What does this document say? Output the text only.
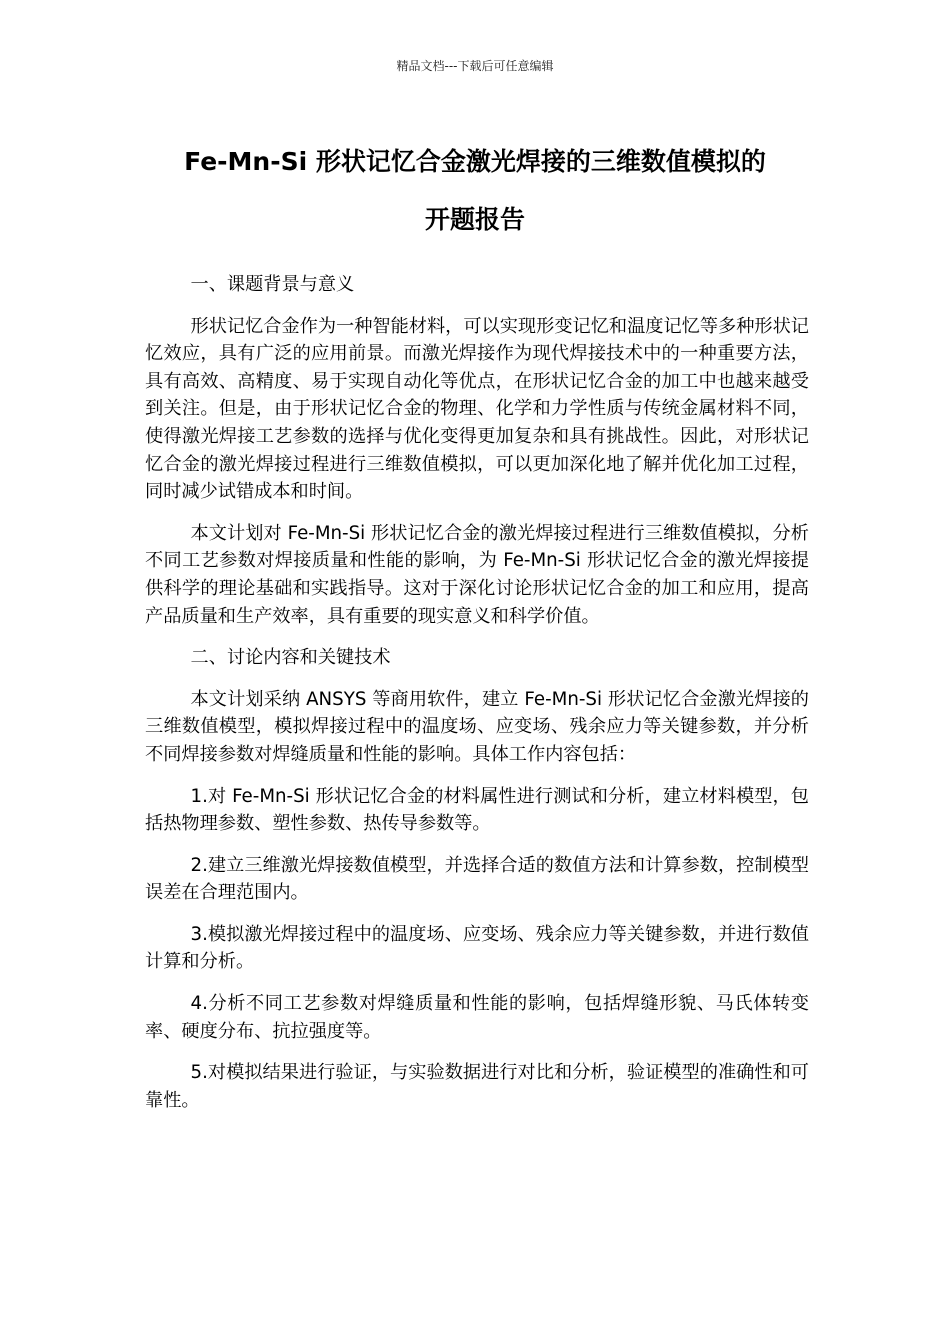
精品文档---下载后可任意编辑
Fe-Mn-Si 形状记忆合金激光焊接的三维数值模拟的
开题报告
一、课题背景与意义

形状记忆合金作为一种智能材料，可以实现形变记忆和温度记忆等多种形状记忆效应，具有广泛的应用前景。而激光焊接作为现代焊接技术中的一种重要方法，具有高效、高精度、易于实现自动化等优点，在形状记忆合金的加工中也越来越受到关注。但是，由于形状记忆合金的物理、化学和力学性质与传统金属材料不同，使得激光焊接工艺参数的选择与优化变得更加复杂和具有挑战性。因此，对形状记忆合金的激光焊接过程进行三维数值模拟，可以更加深化地了解并优化加工过程，同时减少试错成本和时间。

本文计划对 Fe-Mn-Si 形状记忆合金的激光焊接过程进行三维数值模拟，分析不同工艺参数对焊接质量和性能的影响，为 Fe-Mn-Si 形状记忆合金的激光焊接提供科学的理论基础和实践指导。这对于深化讨论形状记忆合金的加工和应用，提高产品质量和生产效率，具有重要的现实意义和科学价值。

二、讨论内容和关键技术

本文计划采纳 ANSYS 等商用软件，建立 Fe-Mn-Si 形状记忆合金激光焊接的三维数值模型，模拟焊接过程中的温度场、应变场、残余应力等关键参数，并分析不同焊接参数对焊缝质量和性能的影响。具体工作内容包括：

1.对 Fe-Mn-Si 形状记忆合金的材料属性进行测试和分析，建立材料模型，包括热物理参数、塑性参数、热传导参数等。

2.建立三维激光焊接数值模型，并选择合适的数值方法和计算参数，控制模型误差在合理范围内。

3.模拟激光焊接过程中的温度场、应变场、残余应力等关键参数，并进行数值计算和分析。

4.分析不同工艺参数对焊缝质量和性能的影响，包括焊缝形貌、马氏体转变率、硬度分布、抗拉强度等。

5.对模拟结果进行验证，与实验数据进行对比和分析，验证模型的准确性和可靠性。
